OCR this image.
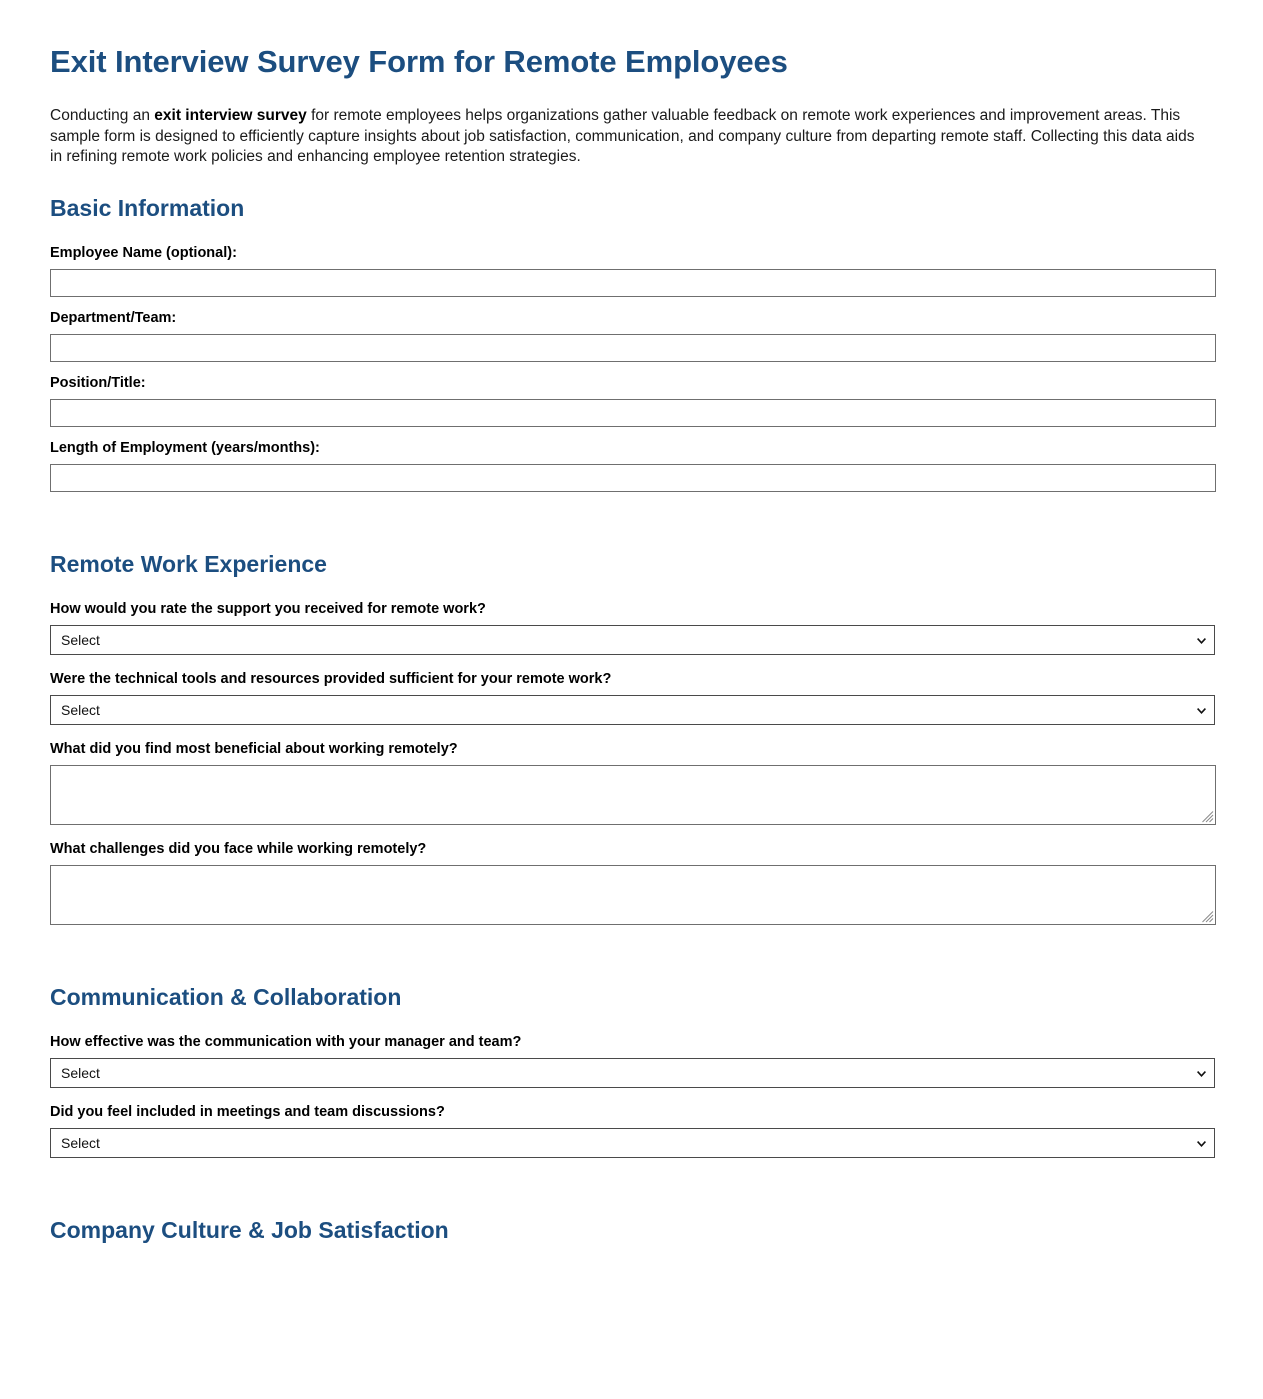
Exit Interview Survey Form for Remote Employees

Conducting an exit interview survey for remote employees helps organizations gather valuable feedback on remote work experiences and improvement areas. This sample form is designed to efficiently capture insights about job satisfaction, communication, and company culture from departing remote staff. Collecting this data aids in refining remote work policies and enhancing employee retention strategies.

Basic Information
Employee Name (optional):
Department/Team:
Position/Title:
Length of Employment (years/months):
Remote Work Experience
How would you rate the support you received for remote work?
Select
Were the technical tools and resources provided sufficient for your remote work?
Select
What did you find most beneficial about working remotely?
What challenges did you face while working remotely?
Communication & Collaboration
How effective was the communication with your manager and team?
Select
Did you feel included in meetings and team discussions?
Select
Company Culture & Job Satisfaction
